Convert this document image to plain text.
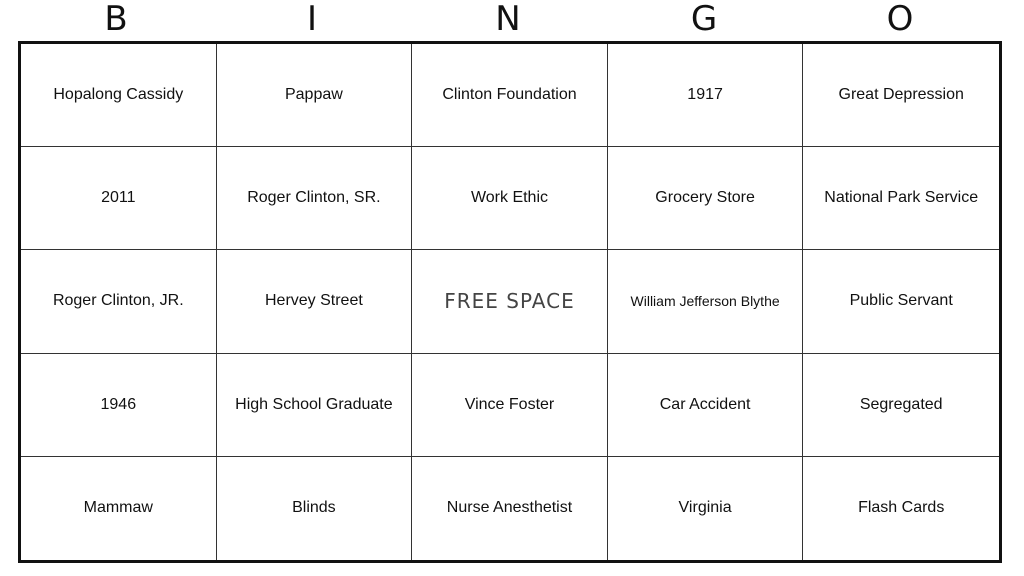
B	I	N	G	O
Hopalong Cassidy	Pappaw	Clinton Foundation	1917	Great Depression
2011	Roger Clinton, SR.	Work Ethic	Grocery Store	National Park Service
Roger Clinton, JR.	Hervey Street	FREE SPACE	William Jefferson Blythe	Public Servant
1946	High School Graduate	Vince Foster	Car Accident	Segregated
Mammaw	Blinds	Nurse Anesthetist	Virginia	Flash Cards
